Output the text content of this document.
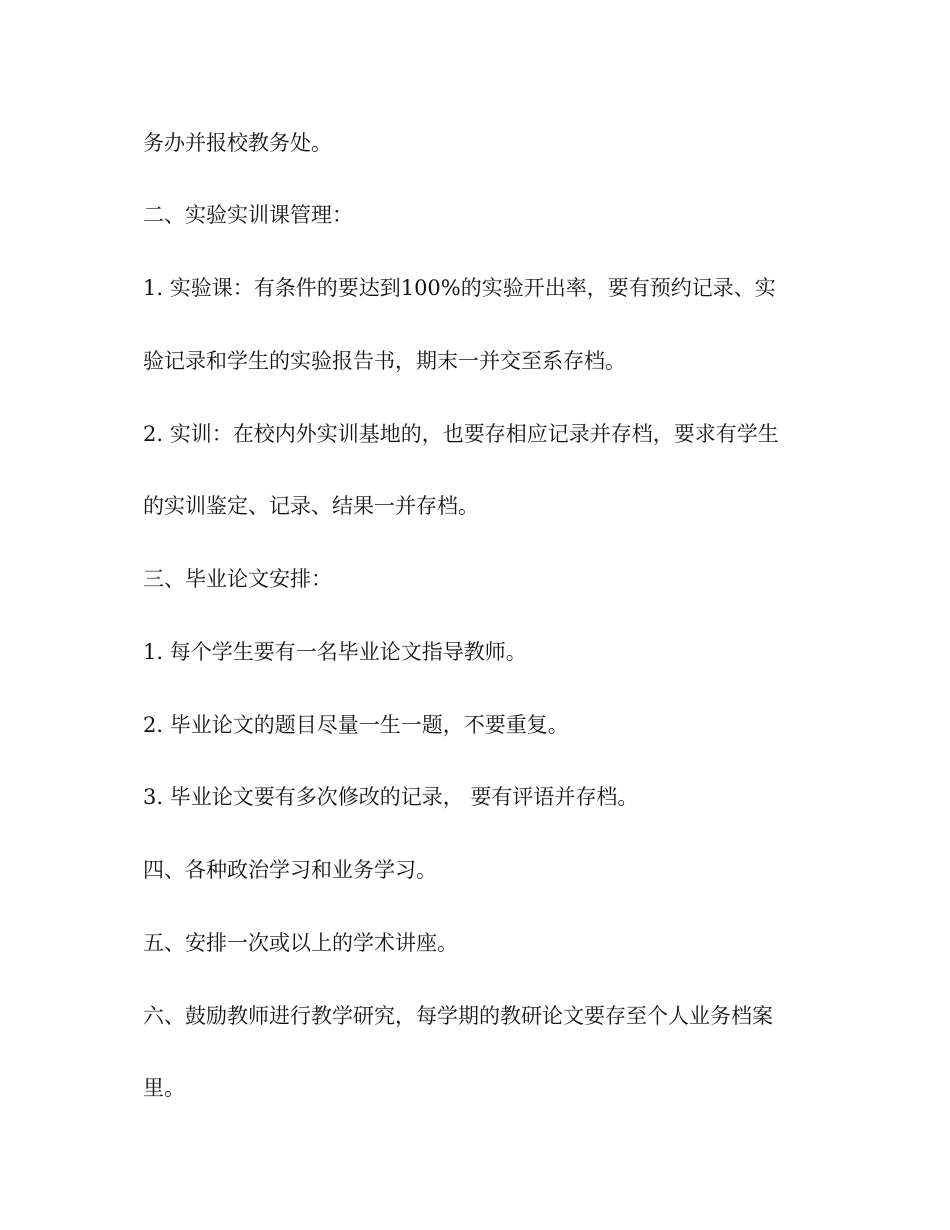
务办并报校教务处。

二、实验实训课管理：

1. 实验课：有条件的要达到100%的实验开出率，要有预约记录、实

验记录和学生的实验报告书，期末一并交至系存档。

2. 实训：在校内外实训基地的，也要存相应记录并存档，要求有学生

的实训鉴定、记录、结果一并存档。

三、毕业论文安排：

1. 每个学生要有一名毕业论文指导教师。

2. 毕业论文的题目尽量一生一题，不要重复。

3. 毕业论文要有多次修改的记录， 要有评语并存档。

四、各种政治学习和业务学习。

五、安排一次或以上的学术讲座。

六、鼓励教师进行教学研究，每学期的教研论文要存至个人业务档案

里。
